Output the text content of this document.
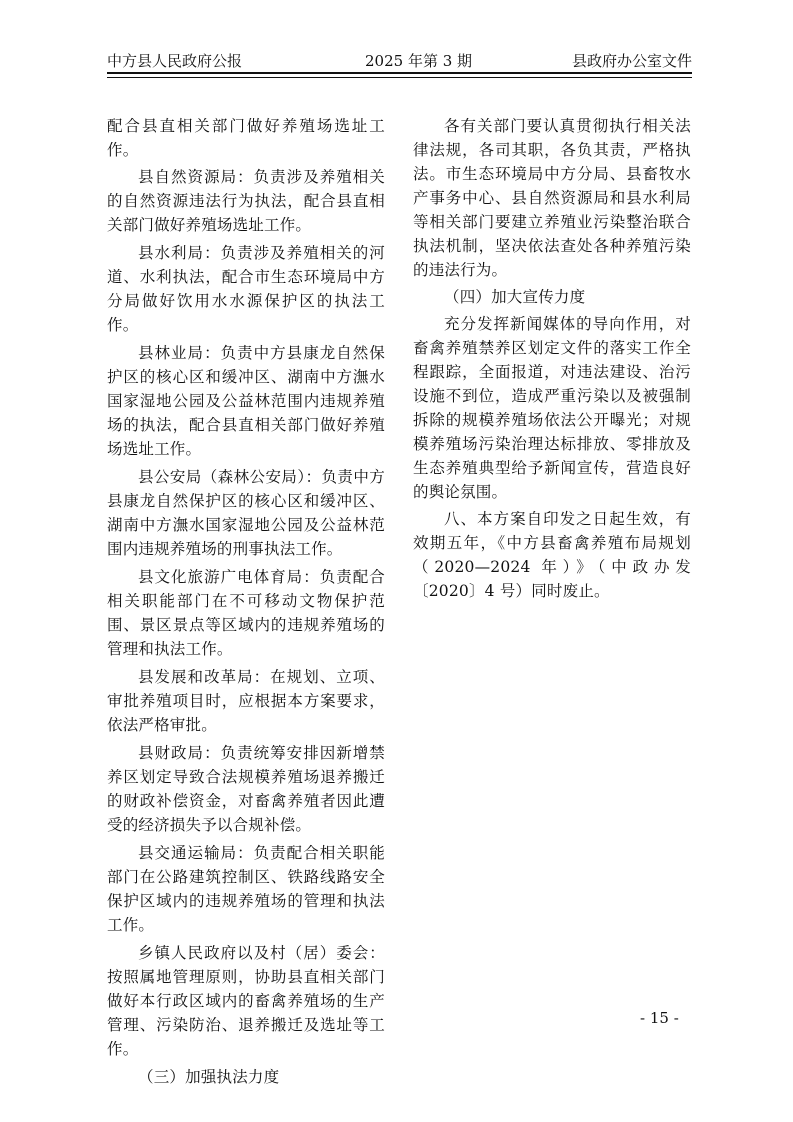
中方县人民政府公报	2025 年第 3 期	县政府办公室文件

配合县直相关部门做好养殖场选址工作。

县自然资源局：负责涉及养殖相关的自然资源违法行为执法，配合县直相关部门做好养殖场选址工作。

县水利局：负责涉及养殖相关的河道、水利执法，配合市生态环境局中方分局做好饮用水水源保护区的执法工作。

县林业局：负责中方县康龙自然保护区的核心区和缓冲区、湖南中方潕水国家湿地公园及公益林范围内违规养殖场的执法，配合县直相关部门做好养殖场选址工作。

县公安局（森林公安局）：负责中方县康龙自然保护区的核心区和缓冲区、湖南中方潕水国家湿地公园及公益林范围内违规养殖场的刑事执法工作。

县文化旅游广电体育局：负责配合相关职能部门在不可移动文物保护范围、景区景点等区域内的违规养殖场的管理和执法工作。

县发展和改革局：在规划、立项、审批养殖项目时，应根据本方案要求，依法严格审批。

县财政局：负责统筹安排因新增禁养区划定导致合法规模养殖场退养搬迁的财政补偿资金，对畜禽养殖者因此遭受的经济损失予以合规补偿。

县交通运输局：负责配合相关职能部门在公路建筑控制区、铁路线路安全保护区域内的违规养殖场的管理和执法工作。

乡镇人民政府以及村（居）委会：按照属地管理原则，协助县直相关部门做好本行政区域内的畜禽养殖场的生产管理、污染防治、退养搬迁及选址等工作。

（三）加强执法力度

各有关部门要认真贯彻执行相关法律法规，各司其职，各负其责，严格执法。市生态环境局中方分局、县畜牧水产事务中心、县自然资源局和县水利局等相关部门要建立养殖业污染整治联合执法机制，坚决依法查处各种养殖污染的违法行为。

（四）加大宣传力度

充分发挥新闻媒体的导向作用，对畜禽养殖禁养区划定文件的落实工作全程跟踪，全面报道，对违法建设、治污设施不到位，造成严重污染以及被强制拆除的规模养殖场依法公开曝光；对规模养殖场污染治理达标排放、零排放及生态养殖典型给予新闻宣传，营造良好的舆论氛围。

八、本方案自印发之日起生效，有效期五年，《中方县畜禽养殖布局规划（2020—2024 年）》（中政办发〔2020〕4 号）同时废止。

- 15 -
